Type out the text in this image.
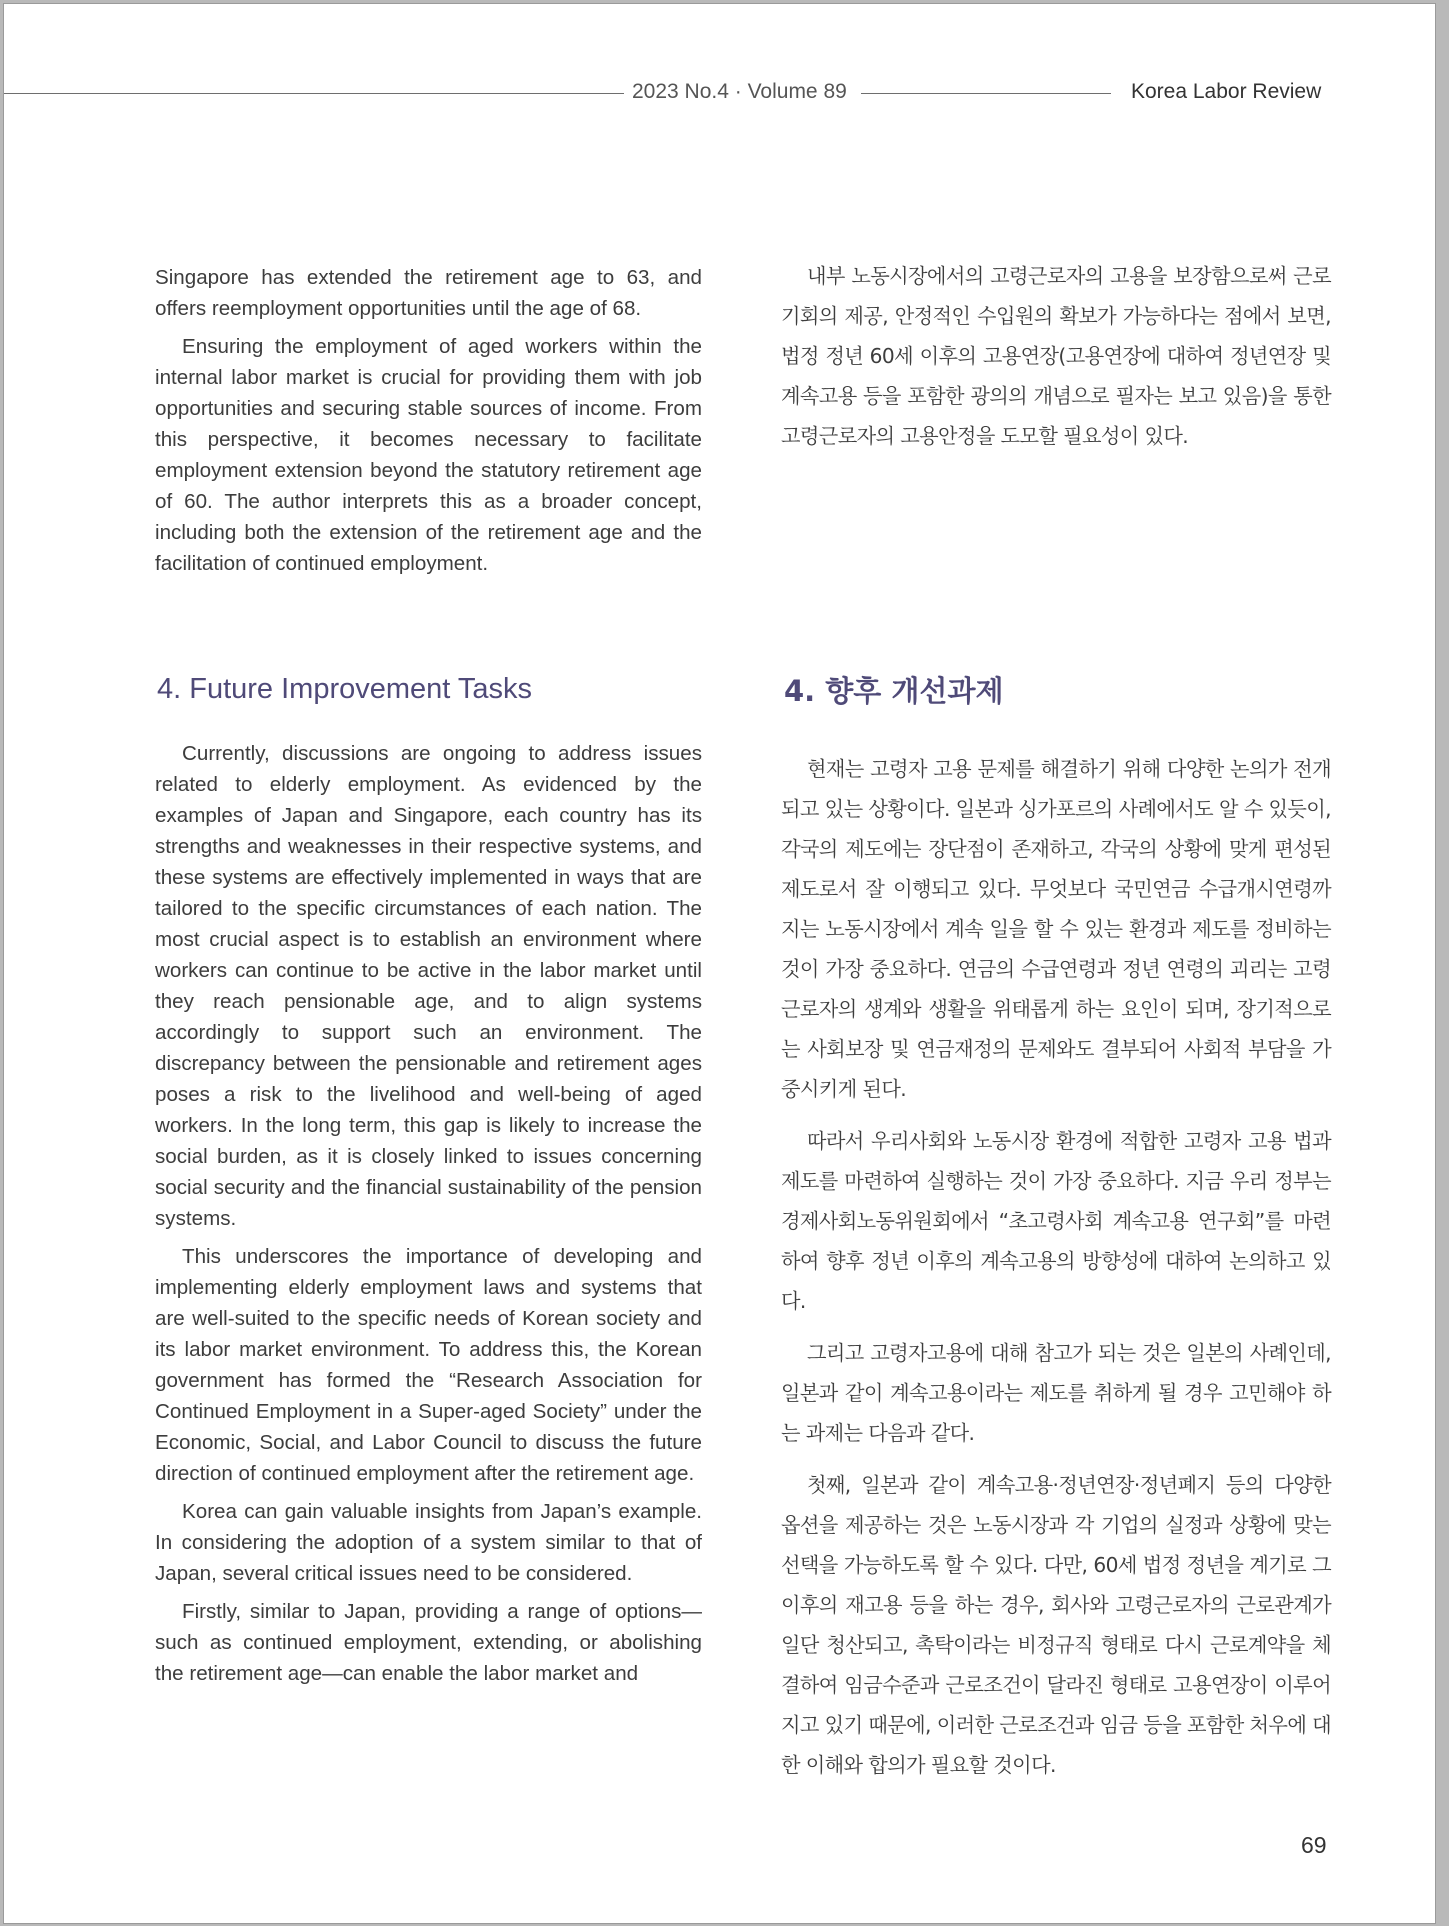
2023 No.4 · Volume 89	Korea Labor Review

Singapore has extended the retirement age to 63, and offers reemployment opportunities until the age of 68.

Ensuring the employment of aged workers within the internal labor market is crucial for providing them with job opportunities and securing stable sources of income. From this perspective, it becomes necessary to facilitate employment extension beyond the statutory retirement age of 60. The author interprets this as a broader concept, including both the extension of the retirement age and the facilitation of continued employment.

내부 노동시장에서의 고령근로자의 고용을 보장함으로써 근로기회의 제공, 안정적인 수입원의 확보가 가능하다는 점에서 보면, 법정 정년 60세 이후의 고용연장(고용연장에 대하여 정년연장 및 계속고용 등을 포함한 광의의 개념으로 필자는 보고 있음)을 통한 고령근로자의 고용안정을 도모할 필요성이 있다.

4. Future Improvement Tasks	4. 향후 개선과제

Currently, discussions are ongoing to address issues related to elderly employment. As evidenced by the examples of Japan and Singapore, each country has its strengths and weaknesses in their respective systems, and these systems are effectively implemented in ways that are tailored to the specific circumstances of each nation. The most crucial aspect is to establish an environment where workers can continue to be active in the labor market until they reach pensionable age, and to align systems accordingly to support such an environment. The discrepancy between the pensionable and retirement ages poses a risk to the livelihood and well-being of aged workers. In the long term, this gap is likely to increase the social burden, as it is closely linked to issues concerning social security and the financial sustainability of the pension systems.

This underscores the importance of developing and implementing elderly employment laws and systems that are well-suited to the specific needs of Korean society and its labor market environment. To address this, the Korean government has formed the “Research Association for Continued Employment in a Super-aged Society” under the Economic, Social, and Labor Council to discuss the future direction of continued employment after the retirement age.

Korea can gain valuable insights from Japan’s example. In considering the adoption of a system similar to that of Japan, several critical issues need to be considered.

Firstly, similar to Japan, providing a range of options—such as continued employment, extending, or abolishing the retirement age—can enable the labor market and

현재는 고령자 고용 문제를 해결하기 위해 다양한 논의가 전개되고 있는 상황이다. 일본과 싱가포르의 사례에서도 알 수 있듯이, 각국의 제도에는 장단점이 존재하고, 각국의 상황에 맞게 편성된 제도로서 잘 이행되고 있다. 무엇보다 국민연금 수급개시연령까지는 노동시장에서 계속 일을 할 수 있는 환경과 제도를 정비하는 것이 가장 중요하다. 연금의 수급연령과 정년 연령의 괴리는 고령근로자의 생계와 생활을 위태롭게 하는 요인이 되며, 장기적으로는 사회보장 및 연금재정의 문제와도 결부되어 사회적 부담을 가중시키게 된다.

따라서 우리사회와 노동시장 환경에 적합한 고령자 고용 법과 제도를 마련하여 실행하는 것이 가장 중요하다. 지금 우리 정부는 경제사회노동위원회에서 “초고령사회 계속고용 연구회”를 마련하여 향후 정년 이후의 계속고용의 방향성에 대하여 논의하고 있다.

그리고 고령자고용에 대해 참고가 되는 것은 일본의 사례인데, 일본과 같이 계속고용이라는 제도를 취하게 될 경우 고민해야 하는 과제는 다음과 같다.

첫째, 일본과 같이 계속고용·정년연장·정년폐지 등의 다양한 옵션을 제공하는 것은 노동시장과 각 기업의 실정과 상황에 맞는 선택을 가능하도록 할 수 있다. 다만, 60세 법정 정년을 계기로 그 이후의 재고용 등을 하는 경우, 회사와 고령근로자의 근로관계가 일단 청산되고, 촉탁이라는 비정규직 형태로 다시 근로계약을 체결하여 임금수준과 근로조건이 달라진 형태로 고용연장이 이루어지고 있기 때문에, 이러한 근로조건과 임금 등을 포함한 처우에 대한 이해와 합의가 필요할 것이다.

69
